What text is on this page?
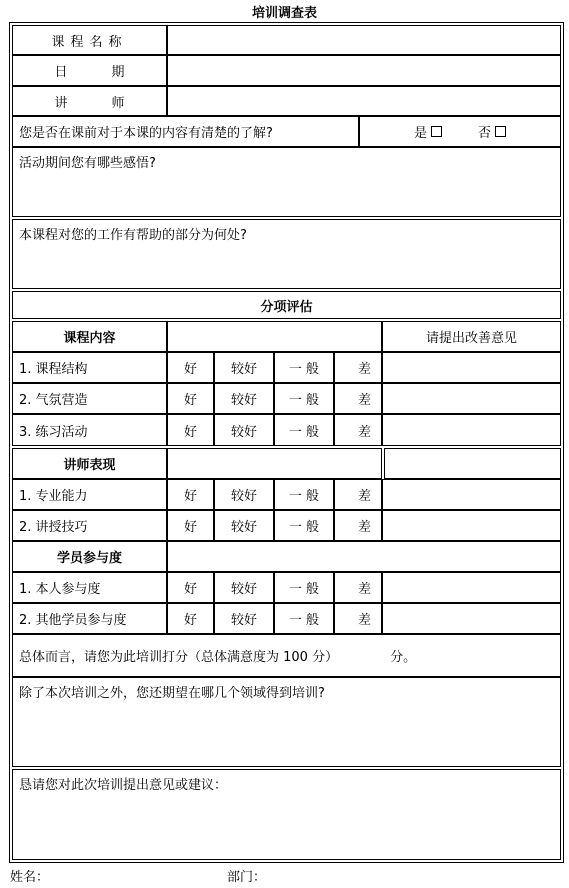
培训调查表
课程名称
日	期
讲	师
您是否在课前对于本课的内容有清楚的了解?	是	否
活动期间您有哪些感悟?
本课程对您的工作有帮助的部分为何处?
分项评估
课程内容	请提出改善意见
1. 课程结构	好	较好	一 般	差
2. 气氛营造	好	较好	一 般	差
3. 练习活动	好	较好	一 般	差
讲师表现
1. 专业能力	好	较好	一 般	差
2. 讲授技巧	好	较好	一 般	差
学员参与度
1. 本人参与度	好	较好	一 般	差
2. 其他学员参与度	好	较好	一 般	差
总体而言，请您为此培训打分（总体满意度为 100 分）	分。
除了本次培训之外，您还期望在哪几个领域得到培训?
恳请您对此次培训提出意见或建议：
姓名：	部门：
